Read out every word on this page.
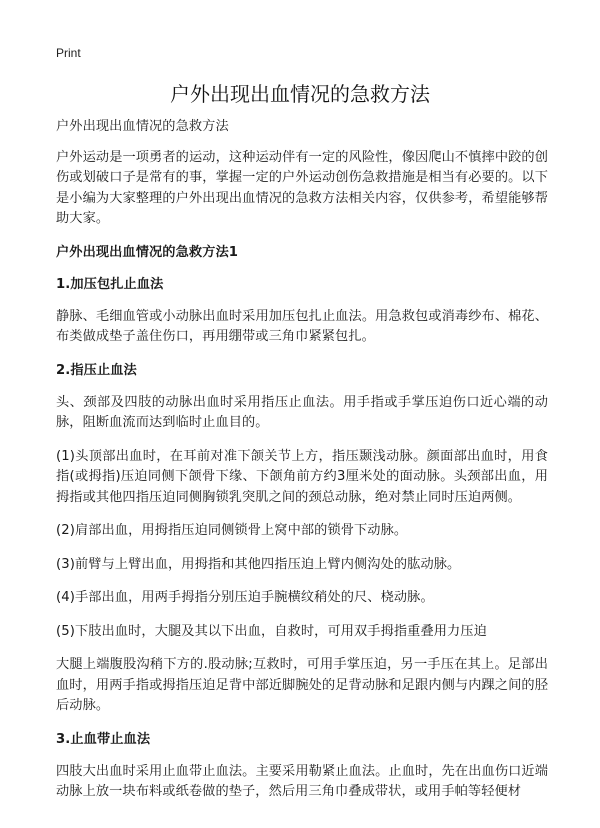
Print
户外出现出血情况的急救方法

户外出现出血情况的急救方法

户外运动是一项勇者的运动，这种运动伴有一定的风险性，像因爬山不慎摔中跤的创伤或划破口子是常有的事，掌握一定的户外运动创伤急救措施是相当有必要的。以下是小编为大家整理的户外出现出血情况的急救方法相关内容，仅供参考，希望能够帮助大家。

户外出现出血情况的急救方法1
1.加压包扎止血法

静脉、毛细血管或小动脉出血时采用加压包扎止血法。用急救包或消毒纱布、棉花、布类做成垫子盖住伤口，再用绷带或三角巾紧紧包扎。

2.指压止血法

头、颈部及四肢的动脉出血时采用指压止血法。用手指或手掌压迫伤口近心端的动脉，阻断血流而达到临时止血目的。

(1)头顶部出血时，在耳前对准下颌关节上方，指压颞浅动脉。颜面部出血时，用食指(或拇指)压迫同侧下颌骨下缘、下颌角前方约3厘米处的面动脉。头颈部出血，用拇指或其他四指压迫同侧胸锁乳突肌之间的颈总动脉，绝对禁止同时压迫两侧。

(2)肩部出血，用拇指压迫同侧锁骨上窝中部的锁骨下动脉。

(3)前臂与上臂出血，用拇指和其他四指压迫上臂内侧沟处的肱动脉。

(4)手部出血，用两手拇指分别压迫手腕横纹稍处的尺、桡动脉。

(5)下肢出血时，大腿及其以下出血，自救时，可用双手拇指重叠用力压迫

大腿上端腹股沟稍下方的.股动脉;互救时，可用手掌压迫，另一手压在其上。足部出血时，用两手指或拇指压迫足背中部近脚腕处的足背动脉和足跟内侧与内踝之间的胫后动脉。

3.止血带止血法

四肢大出血时采用止血带止血法。主要采用勒紧止血法。止血时，先在出血伤口近端动脉上放一块布料或纸卷做的垫子，然后用三角巾叠成带状，或用手帕等轻便材
